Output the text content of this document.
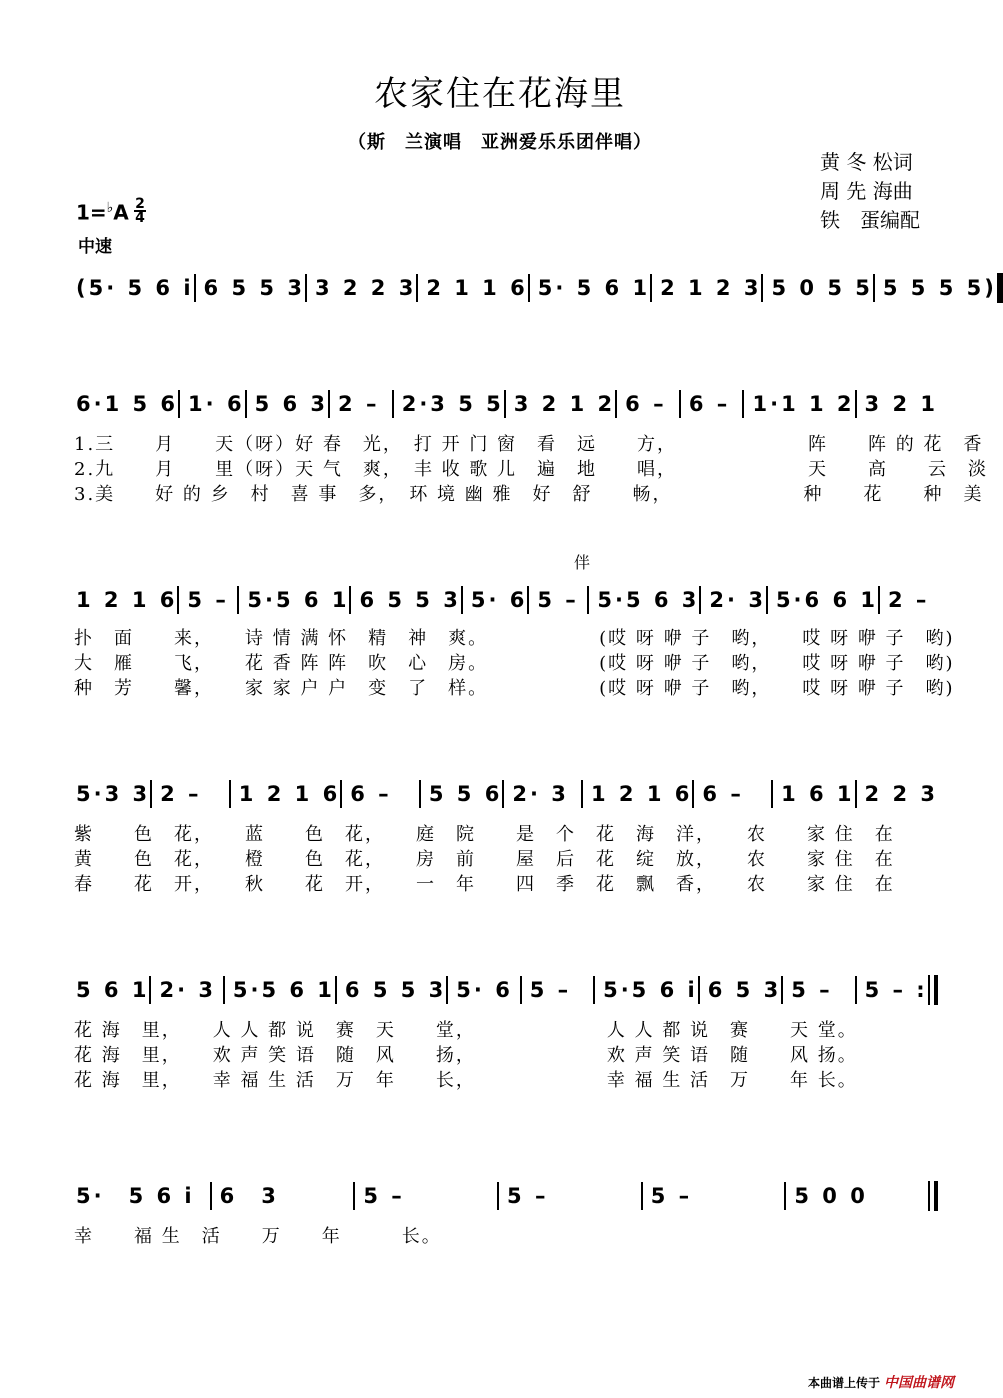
农家住在花海里
（斯　兰演唱　亚洲爱乐乐团伴唱）
黄 冬 松词
周 先 海曲
铁　蛋编配
1=♭A 2
4
中速
伴
(5· 5 6 i 6 5 5 3 3 2 2 3 2 1 1 6 5· 5 6 1 2 1 2 3 5 0 5 5 5 5 5 5)
6·1 5 6 1· 6 5 6 3 2 –	2·3 5 5 3 2 1 2 6 –	6 –	1·1 1 2 3 2 1
1.三　　月　　天（呀）好 春　光，　打 开 门 窗　看　远　　方，　　　　　　　阵　　阵 的 花　香
2.九　　月　　里（呀）天 气　爽，　丰 收 歌 儿　遍　地　　唱，　　　　　　　天　　高　　云　淡
3.美　　好 的 乡　村　喜 事　多，　环 境 幽 雅　好　舒　　畅，　　　　　　　种　　花　　种　美
1 2 1 6 5 – 5·5 6 1 6 5 5 3 5· 6 5 – 5·5 6 3 2· 3 5·6 6 1 2 –
扑　面　　来，　　诗 情 满 怀　精　神　爽。　　　　　　(哎 呀 咿 子　哟，　　哎 呀 咿 子　哟)
大　雁　　飞，　　花 香 阵 阵　吹　心　房。　　　　　　(哎 呀 咿 子　哟，　　哎 呀 咿 子　哟)
种　芳　　馨，　　家 家 户 户　变　了　样。　　　　　　(哎 呀 咿 子　哟，　　哎 呀 咿 子　哟)
5·3 3 2 –	1 2 1 6 6 –	5 5 6 2· 3	1 2 1 6 6 –	1 6 1 2 2 3
紫　　色　花，　　蓝　　色　花，　　庭　院　　是　个　花　海　洋，　　农　　家 住　在
黄　　色　花，　　橙　　色　花，　　房　前　　屋　后　花　绽　放，　　农　　家 住　在
春　　花　开，　　秋　　花　开，　　一　年　　四　季　花　飘　香，　　农　　家 住　在
5 6 1 2· 3 5·5 6 1 6 5 5 3 5· 6 5 –	5·5 6 i 6 5 3 5 –	5 – :
花 海　里，　　人 人 都 说　赛　天　　堂，　　　　　　　人 人 都 说　赛　　天 堂。
花 海　里，　　欢 声 笑 语　随　风　　扬，　　　　　　　欢 声 笑 语　随　　风 扬。
花 海　里，　　幸 福 生 活　万　年　　长，　　　　　　　幸 福 生 活　万　　年 长。
5·　5 6 i	6　3	5 –	5 –	5 –	5 0 0
幸　　福 生　活　　万　　年　　　长。
本曲谱上传于 中国曲谱网
